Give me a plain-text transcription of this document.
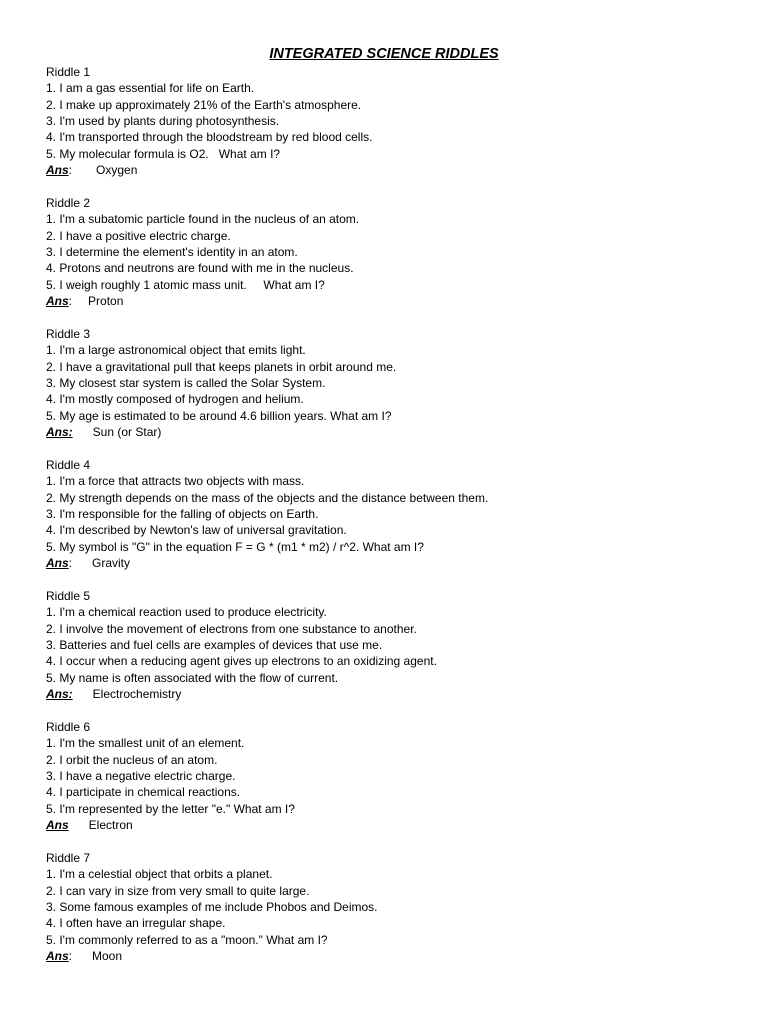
INTEGRATED SCIENCE RIDDLES
Riddle 1
1. I am a gas essential for life on Earth.
2. I make up approximately 21% of the Earth's atmosphere.
3. I'm used by plants during photosynthesis.
4. I'm transported through the bloodstream by red blood cells.
5. My molecular formula is O2.   What am I?
Ans: Oxygen
Riddle 2
1. I'm a subatomic particle found in the nucleus of an atom.
2. I have a positive electric charge.
3. I determine the element's identity in an atom.
4. Protons and neutrons are found with me in the nucleus.
5. I weigh roughly 1 atomic mass unit.     What am I?
Ans: Proton
Riddle 3
1. I'm a large astronomical object that emits light.
2. I have a gravitational pull that keeps planets in orbit around me.
3. My closest star system is called the Solar System.
4. I'm mostly composed of hydrogen and helium.
5. My age is estimated to be around 4.6 billion years. What am I?
Ans: Sun (or Star)
Riddle 4
1. I'm a force that attracts two objects with mass.
2. My strength depends on the mass of the objects and the distance between them.
3. I'm responsible for the falling of objects on Earth.
4. I'm described by Newton's law of universal gravitation.
5. My symbol is "G" in the equation F = G * (m1 * m2) / r^2. What am I?
Ans: Gravity
Riddle 5
1. I'm a chemical reaction used to produce electricity.
2. I involve the movement of electrons from one substance to another.
3. Batteries and fuel cells are examples of devices that use me.
4. I occur when a reducing agent gives up electrons to an oxidizing agent.
5. My name is often associated with the flow of current.
Ans: Electrochemistry
Riddle 6
1. I'm the smallest unit of an element.
2. I orbit the nucleus of an atom.
3. I have a negative electric charge.
4. I participate in chemical reactions.
5. I'm represented by the letter "e." What am I?
Ans Electron
Riddle 7
1. I'm a celestial object that orbits a planet.
2. I can vary in size from very small to quite large.
3. Some famous examples of me include Phobos and Deimos.
4. I often have an irregular shape.
5. I'm commonly referred to as a "moon." What am I?
Ans: Moon
